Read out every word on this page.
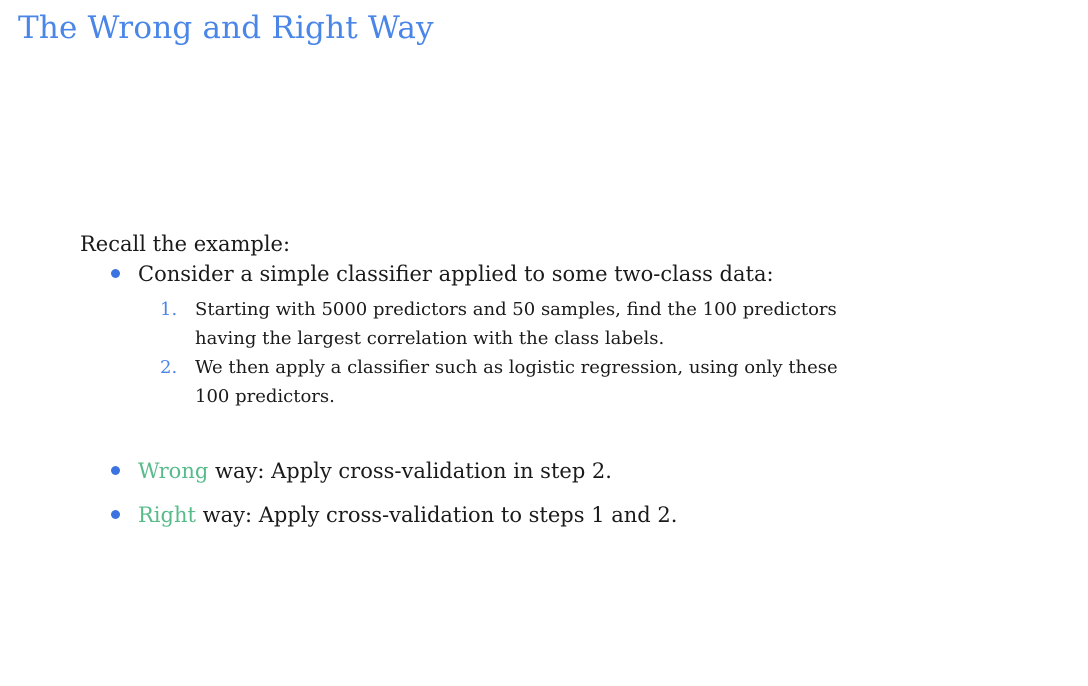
The Wrong and Right Way
Recall the example:
Consider a simple classifier applied to some two-class data:
1. Starting with 5000 predictors and 50 samples, find the 100 predictors
having the largest correlation with the class labels.
2. We then apply a classifier such as logistic regression, using only these
100 predictors.
Wrong way: Apply cross-validation in step 2.
Right way: Apply cross-validation to steps 1 and 2.
